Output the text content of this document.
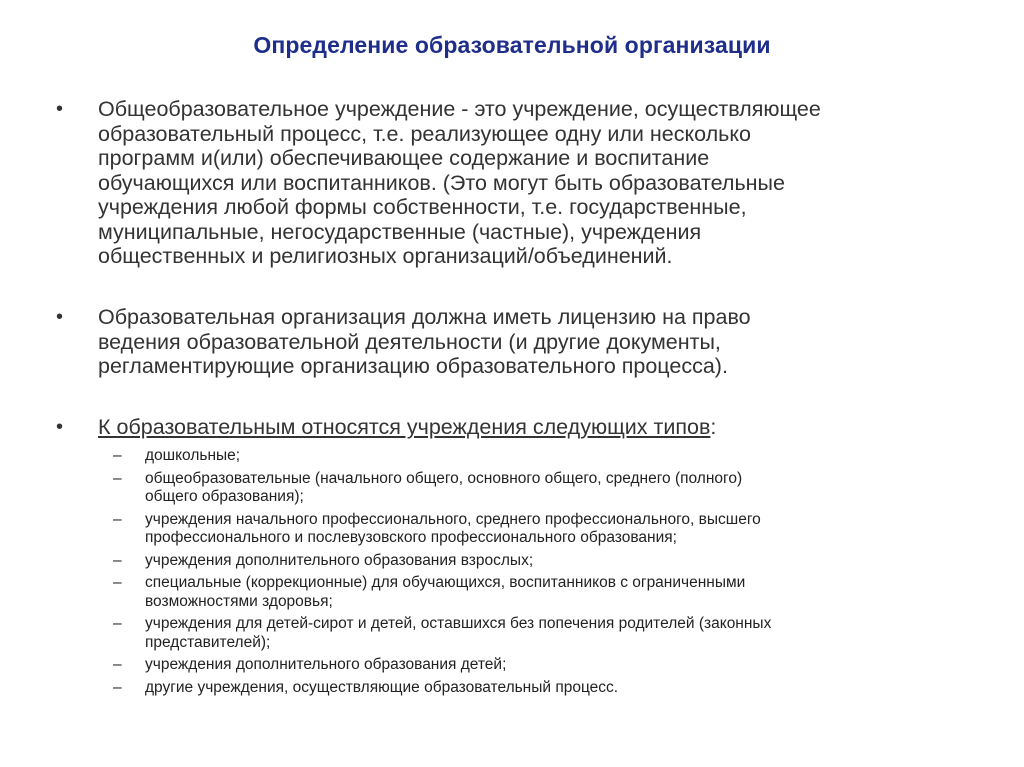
Определение образовательной организации
• Общеобразовательное учреждение - это учреждение, осуществляющее
образовательный процесс, т.е. реализующее одну или несколько
программ и(или) обеспечивающее содержание и воспитание
обучающихся или воспитанников. (Это могут быть образовательные
учреждения любой формы собственности, т.е. государственные,
муниципальные, негосударственные (частные), учреждения
общественных и религиозных организаций/объединений.
• Образовательная организация должна иметь лицензию на право
ведения образовательной деятельности (и другие документы,
регламентирующие организацию образовательного процесса).
• К образовательным относятся учреждения следующих типов:
– дошкольные;
– общеобразовательные (начального общего, основного общего, среднего (полного)
общего образования);
– учреждения начального профессионального, среднего профессионального, высшего
профессионального и послевузовского профессионального образования;
– учреждения дополнительного образования взрослых;
– специальные (коррекционные) для обучающихся, воспитанников с ограниченными
возможностями здоровья;
– учреждения для детей-сирот и детей, оставшихся без попечения родителей (законных
представителей);
– учреждения дополнительного образования детей;
– другие учреждения, осуществляющие образовательный процесс.
